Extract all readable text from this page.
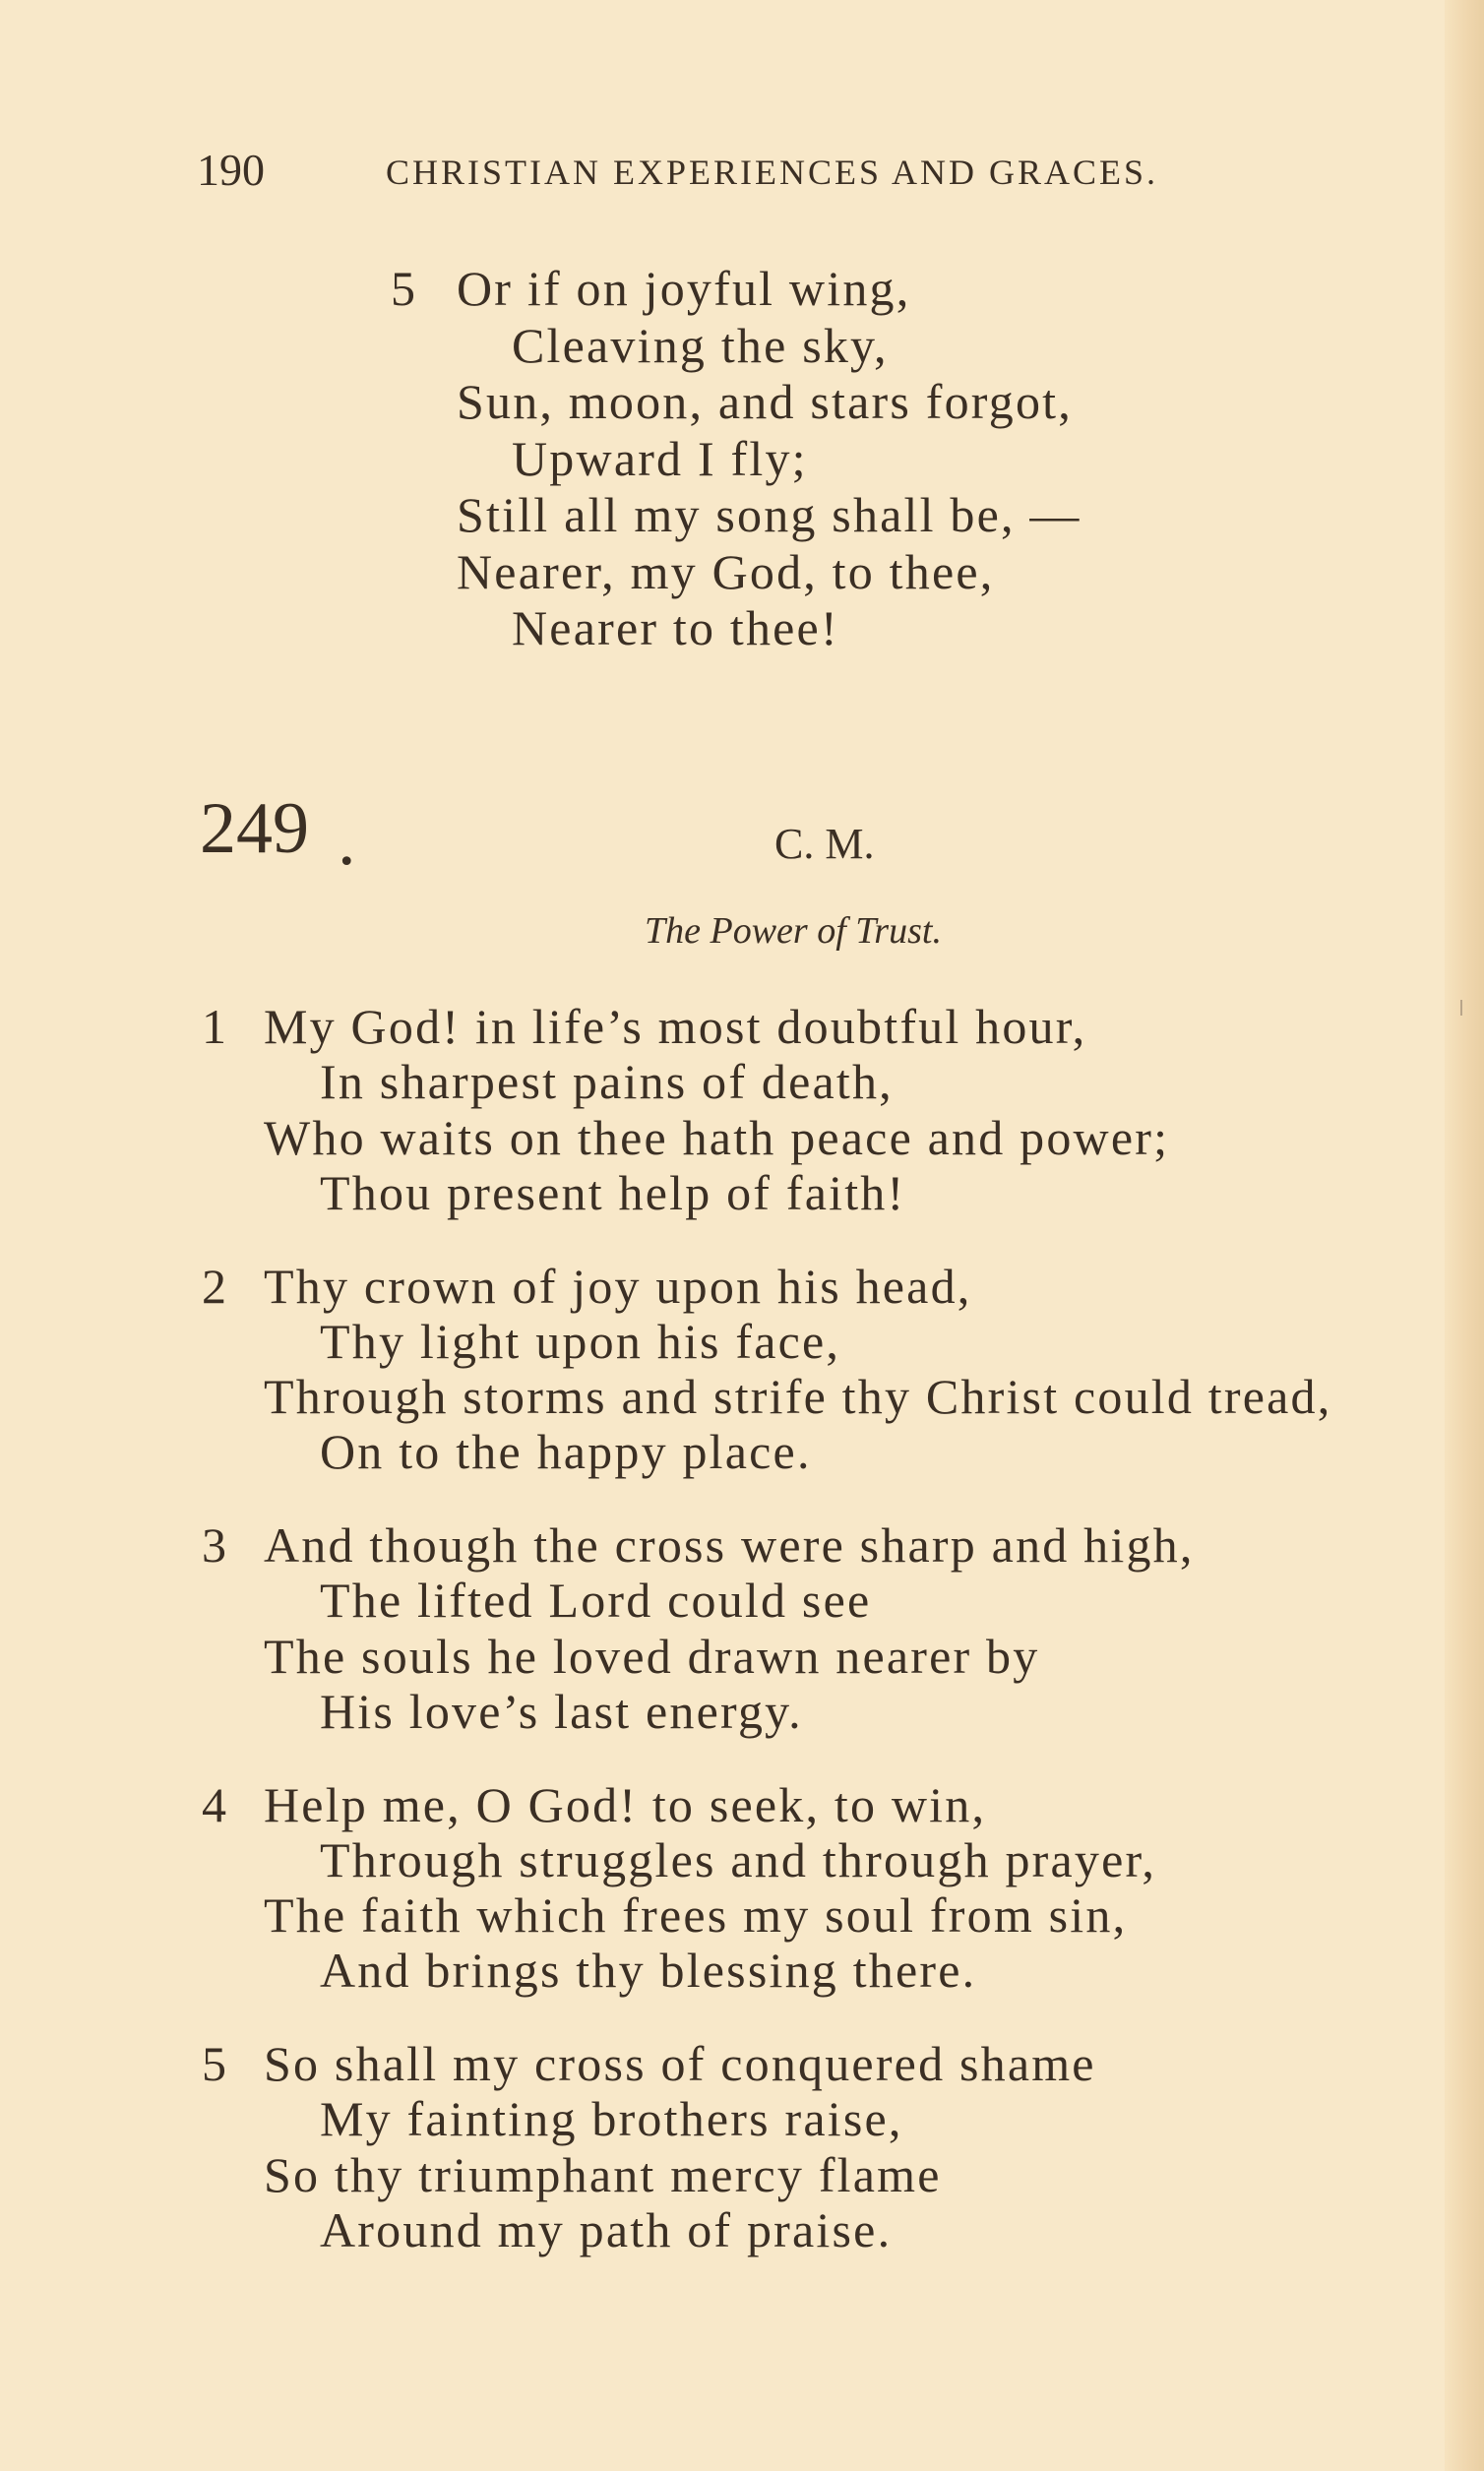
190	CHRISTIAN EXPERIENCES AND GRACES.
5 Or if on joyful wing,
Cleaving the sky,
Sun, moon, and stars forgot,
Upward I fly;
Still all my song shall be, —
Nearer, my God, to thee,
Nearer to thee!
249 .	C. M.
The Power of Trust.
1 My God! in life’s most doubtful hour,
In sharpest pains of death,
Who waits on thee hath peace and power;
Thou present help of faith!
2 Thy crown of joy upon his head,
Thy light upon his face,
Through storms and strife thy Christ could tread,
On to the happy place.
3 And though the cross were sharp and high,
The lifted Lord could see
The souls he loved drawn nearer by
His love’s last energy.
4 Help me, O God! to seek, to win,
Through struggles and through prayer,
The faith which frees my soul from sin,
And brings thy blessing there.
5 So shall my cross of conquered shame
My fainting brothers raise,
So thy triumphant mercy flame
Around my path of praise.
